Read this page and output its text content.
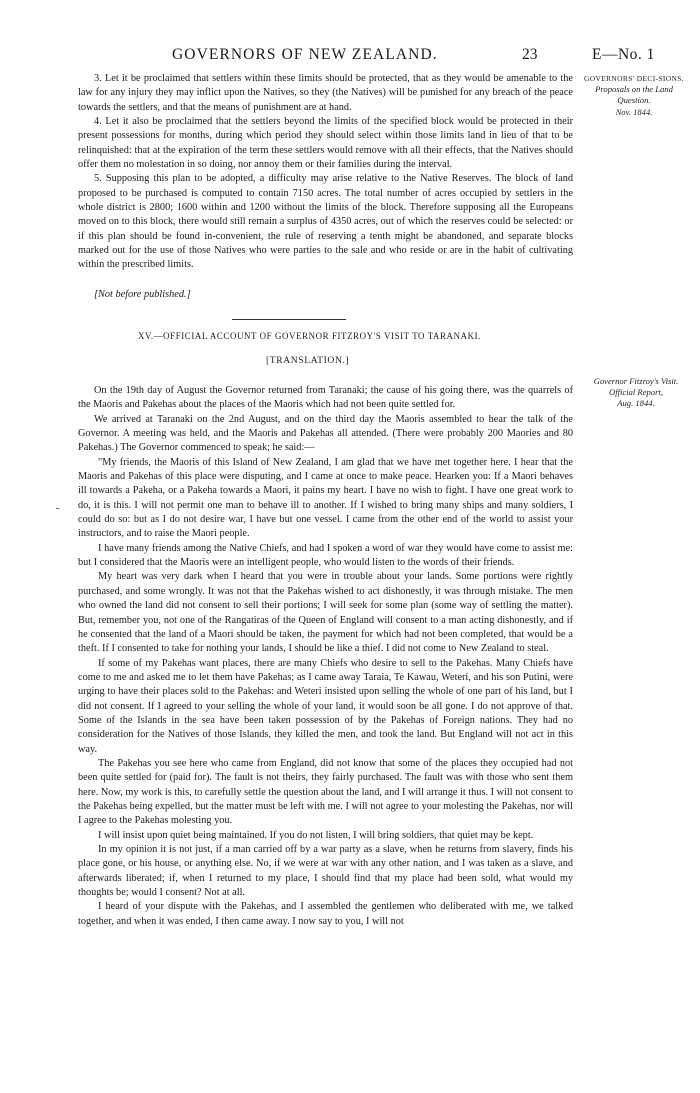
GOVERNORS OF NEW ZEALAND.	23	E—No. 1
GOVERNORS' DECI-SIONS.
Proposals on the Land Question.
Nov. 1844.

3. Let it be proclaimed that settlers within these limits should be protected, that as they would be amenable to the law for any injury they may inflict upon the Natives, so they (the Natives) will be punished for any breach of the peace towards the settlers, and that the means of punishment are at hand.

4. Let it also be proclaimed that the settlers beyond the limits of the specified block would be protected in their present possessions for months, during which period they should select within those limits land in lieu of that to be relinquished: that at the expiration of the term these settlers would remove with all their effects, that the Natives should offer them no molestation in so doing, nor annoy them or their families during the interval.

5. Supposing this plan to be adopted, a difficulty may arise relative to the Native Reserves. The block of land proposed to be purchased is computed to contain 7150 acres. The total number of acres occupied by settlers in the whole district is 2800; 1600 within and 1200 without the limits of the block. Therefore supposing all the Europeans moved on to this block, there would still remain a surplus of 4350 acres, out of which the reserves could be selected: or if this plan should be found in-convenient, the rule of reserving a tenth might be abandoned, and separate blocks marked out for the use of those Natives who were parties to the sale and who reside or are in the habit of cultivating within the prescribed limits.

[Not before published.]
XV.—OFFICIAL ACCOUNT OF GOVERNOR FITZROY'S VISIT TO TARANAKI.
[TRANSLATION.]
Governor Fitzroy's Visit.
Official Report,
Aug. 1844.
-

On the 19th day of August the Governor returned from Taranaki; the cause of his going there, was the quarrels of the Maoris and Pakehas about the places of the Maoris which had not been quite settled for.

We arrived at Taranaki on the 2nd August, and on the third day the Maoris assembled to hear the talk of the Governor. A meeting was held, and the Maoris and Pakehas all attended. (There were probably 200 Maories and 80 Pakehas.) The Governor commenced to speak; he said:—

"My friends, the Maoris of this Island of New Zealand, I am glad that we have met together here. I hear that the Maoris and Pakehas of this place were disputing, and I came at once to make peace. Hearken you: If a Maori behaves ill towards a Pakeha, or a Pakeha towards a Maori, it pains my heart. I have no wish to fight. I have one great work to do, it is this. I will not permit one man to behave ill to another. If I wished to bring many ships and many soldiers, I could do so: but as I do not desire war, I have but one vessel. I came from the other end of the world to assist your instructors, and to raise the Maori people.

I have many friends among the Native Chiefs, and had I spoken a word of war they would have come to assist me: but I considered that the Maoris were an intelligent people, who would listen to the words of their friends.

My heart was very dark when I heard that you were in trouble about your lands. Some portions were rightly purchased, and some wrongly. It was not that the Pakehas wished to act dishonestly, it was through mistake. The men who owned the land did not consent to sell their portions; I will seek for some plan (some way of settling the matter). But, remember you, not one of the Rangatiras of the Queen of England will consent to a man acting dishonestly, and if he consented that the land of a Maori should be taken, the payment for which had not been completed, that would be a theft. If I consented to take for nothing your lands, I should be like a thief. I did not come to New Zealand to steal.

If some of my Pakehas want places, there are many Chiefs who desire to sell to the Pakehas. Many Chiefs have come to me and asked me to let them have Pakehas; as I came away Taraia, Te Kawau, Weteri, and his son Putini, were urging to have their places sold to the Pakehas: and Weteri insisted upon selling the whole of one part of his land, but I did not consent. If I agreed to your selling the whole of your land, it would soon be all gone. I do not approve of that. Some of the Islands in the sea have been taken possession of by the Pakehas of Foreign nations. They had no consideration for the Natives of those Islands, they killed the men, and took the land. But England will not act in this way.

The Pakehas you see here who came from England, did not know that some of the places they occupied had not been quite settled for (paid for). The fault is not theirs, they fairly purchased. The fault was with those who sent them here. Now, my work is this, to carefully settle the question about the land, and I will arrange it thus. I will not consent to the Pakehas being expelled, but the matter must be left with me. I will not agree to your molesting the Pakehas, nor will I agree to the Pakehas molesting you.

I will insist upon quiet being maintained. If you do not listen, I will bring soldiers, that quiet may be kept.

In my opinion it is not just, if a man carried off by a war party as a slave, when he returns from slavery, finds his place gone, or his house, or anything else. No, if we were at war with any other nation, and I was taken as a slave, and afterwards liberated; if, when I returned to my place, I should find that my place had been sold, what would my thoughts be; would I consent? Not at all.

I heard of your dispute with the Pakehas, and I assembled the gentlemen who deliberated with me, we talked together, and when it was ended, I then came away. I now say to you, I will not
